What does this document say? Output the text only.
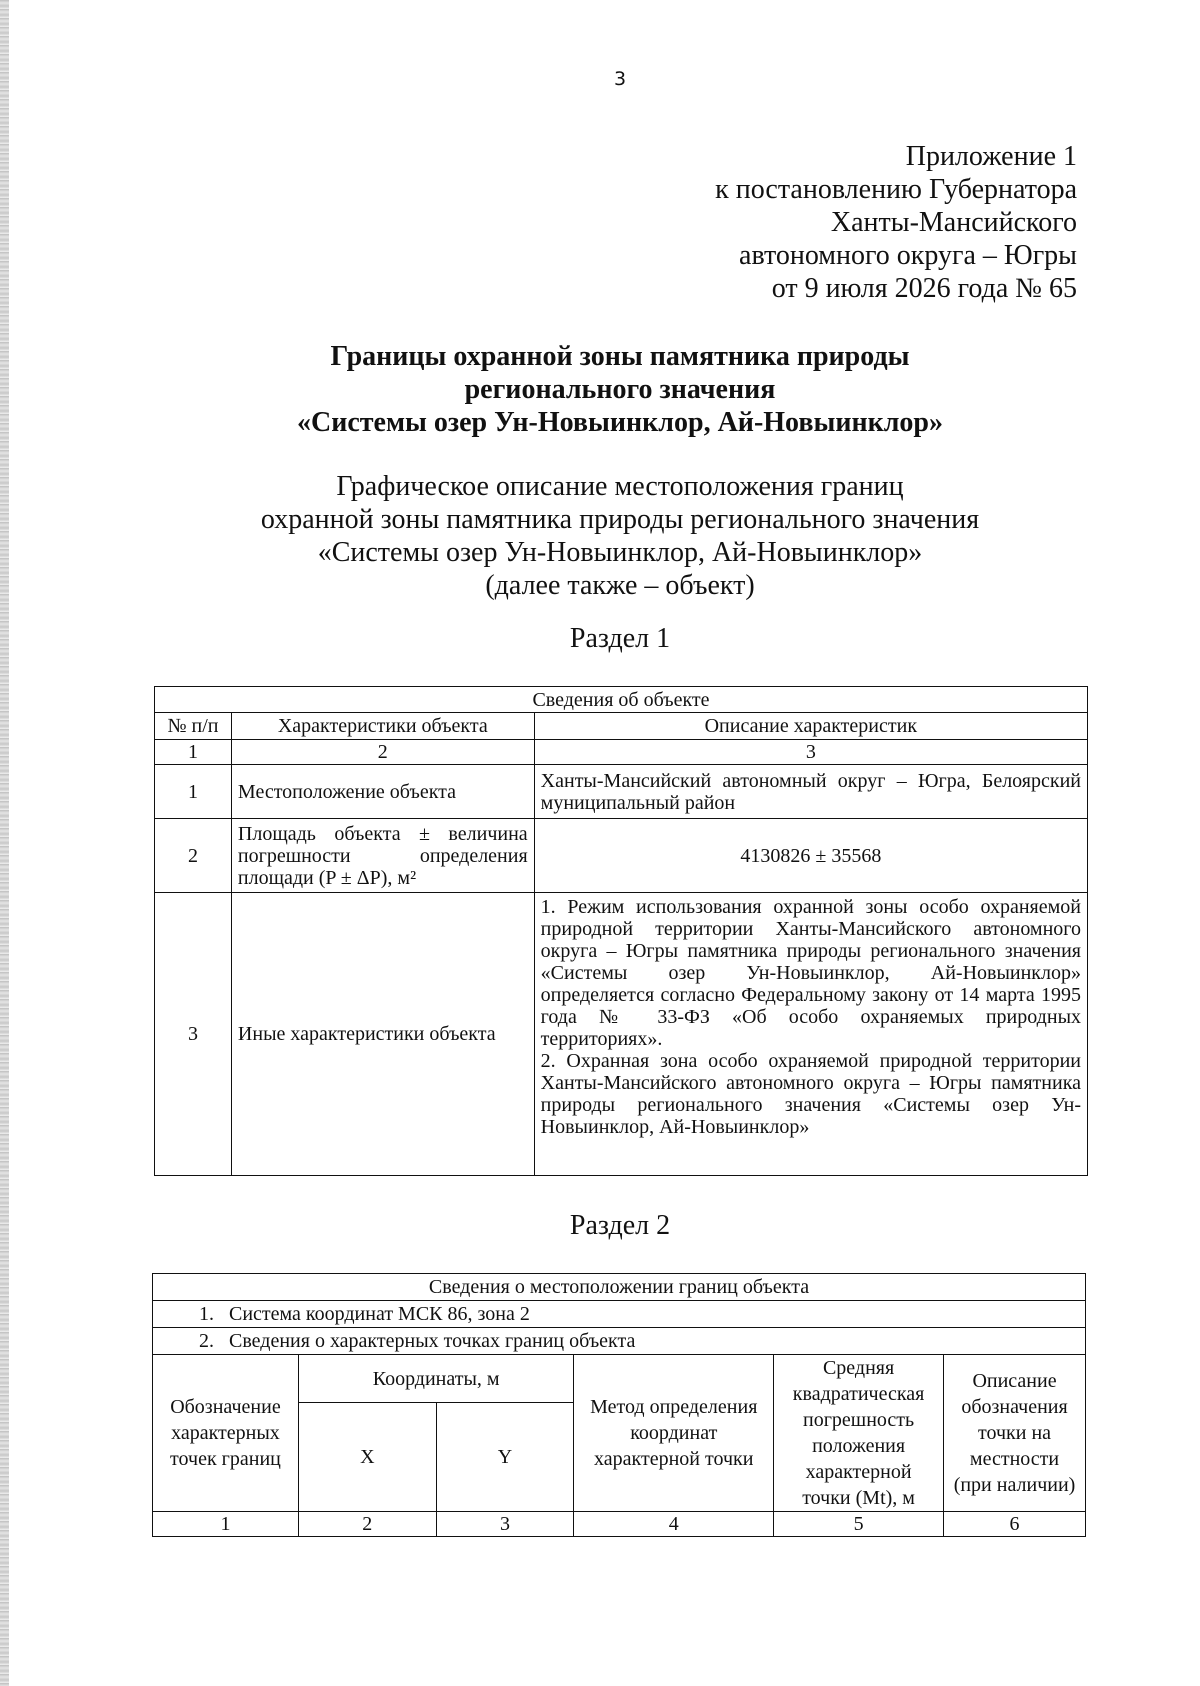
3
Приложение 1
к постановлению Губернатора
Ханты-Мансийского
автономного округа – Югры
от 9 июля 2026 года № 65
Границы охранной зоны памятника природы
регионального значения
«Системы озер Ун-Новыинклор, Ай-Новыинклор»
Графическое описание местоположения границ
охранной зоны памятника природы регионального значения
«Системы озер Ун-Новыинклор, Ай-Новыинклор»
(далее также – объект)
Раздел 1
Сведения об объекте		
№ п/п	Характеристики объекта	Описание характеристик
1	2	3
1	Местоположение объекта	Ханты-Мансийский автономный округ – Югра, Белоярский муниципальный район
2	Площадь объекта ± величина погрешности определения площади (P ± ΔP), м²	4130826 ± 35568
3	Иные характеристики объекта	1. Режим использования охранной зоны особо охраняемой природной территории Ханты-Мансийского автономного округа – Югры памятника природы регионального значения «Системы озер Ун-Новыинклор, Ай-Новыинклор» определяется согласно Федеральному закону от 14 марта 1995 года № 33-ФЗ «Об особо охраняемых природных территориях».
2. Охранная зона особо охраняемой природной территории Ханты-Мансийского автономного округа – Югры памятника природы регионального значения «Системы озер Ун-Новыинклор, Ай-Новыинклор»
Раздел 2
Сведения о местоположении границ объекта					
1.   Система координат МСК 86, зона 2					
2.   Сведения о характерных точках границ объекта					
Обозначение характерных точек границ	Координаты, м		Метод определения координат характерной точки	Средняя квадратическая погрешность положения характерной точки (Mt), м	Описание обозначения точки на местности (при наличии)
	X	Y			
1	2	3	4	5	6
